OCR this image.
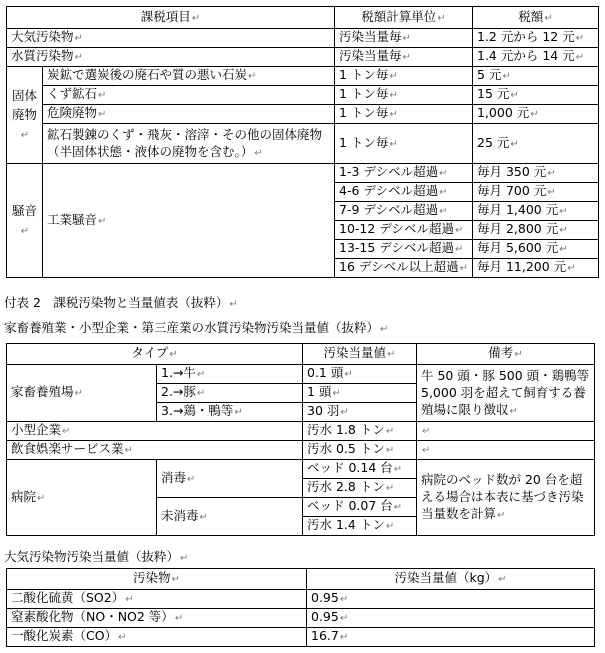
課税項目↵		税額計算単位↵	税額↵
大気汚染物↵		汚染当量毎↵	1.2 元から 12 元↵
水質汚染物↵		汚染当量毎↵	1.4 元から 14 元↵
固体廃物↵	炭鉱で選炭後の廃石や質の悪い石炭↵	1 トン毎↵	5 元↵
	くず鉱石↵	1 トン毎↵	15 元↵
	危険廃物↵	1 トン毎↵	1,000 元↵

	鉱石製錬のくず・飛灰・溶滓・その他の固体廃物
（半固体状態・液体の廃物を含む。）↵	1 トン毎↵	25 元↵
騒音↵	工業騒音↵	1-3 デシベル超過↵	毎月 350 元↵
		4-6 デシベル超過↵	毎月 700 元↵
		7-9 デシベル超過↵	毎月 1,400 元↵
		10-12 デシベル超過↵	毎月 2,800 元↵
		13-15 デシベル超過↵	毎月 5,600 元↵
		16 デシベル以上超過↵	毎月 11,200 元↵
付表 2　課税汚染物と当量値表（抜粋）↵
家畜養殖業・小型企業・第三産業の水質汚染物汚染当量値（抜粋）↵
タイプ↵		汚染当量値↵	備考↵
家畜養殖場↵	1.→牛↵	0.1 頭↵	牛 50 頭・豚 500 頭・鶏鴨等 5,000 羽を超えて飼育する養殖場に限り徴収↵
	2.→豚↵	1 頭↵	
	3.→鶏・鴨等↵	30 羽↵	
小型企業↵		汚水 1.8 トン↵	↵
飲食娯楽サービス業↵		汚水 0.5 トン↵	↵
病院↵	消毒↵	ベッド 0.14 台↵	病院のベッド数が 20 台を超える場合は本表に基づき汚染当量数を計算↵
		汚水 2.8 トン↵	
	未消毒↵	ベッド 0.07 台↵	
		汚水 1.4 トン↵	
大気汚染物汚染当量値（抜粋）↵
汚染物↵	汚染当量値（kg）↵
二酸化硫黄（SO2）↵	0.95↵
窒素酸化物（NO・NO2 等）↵	0.95↵
一酸化炭素（CO）↵	16.7↵
